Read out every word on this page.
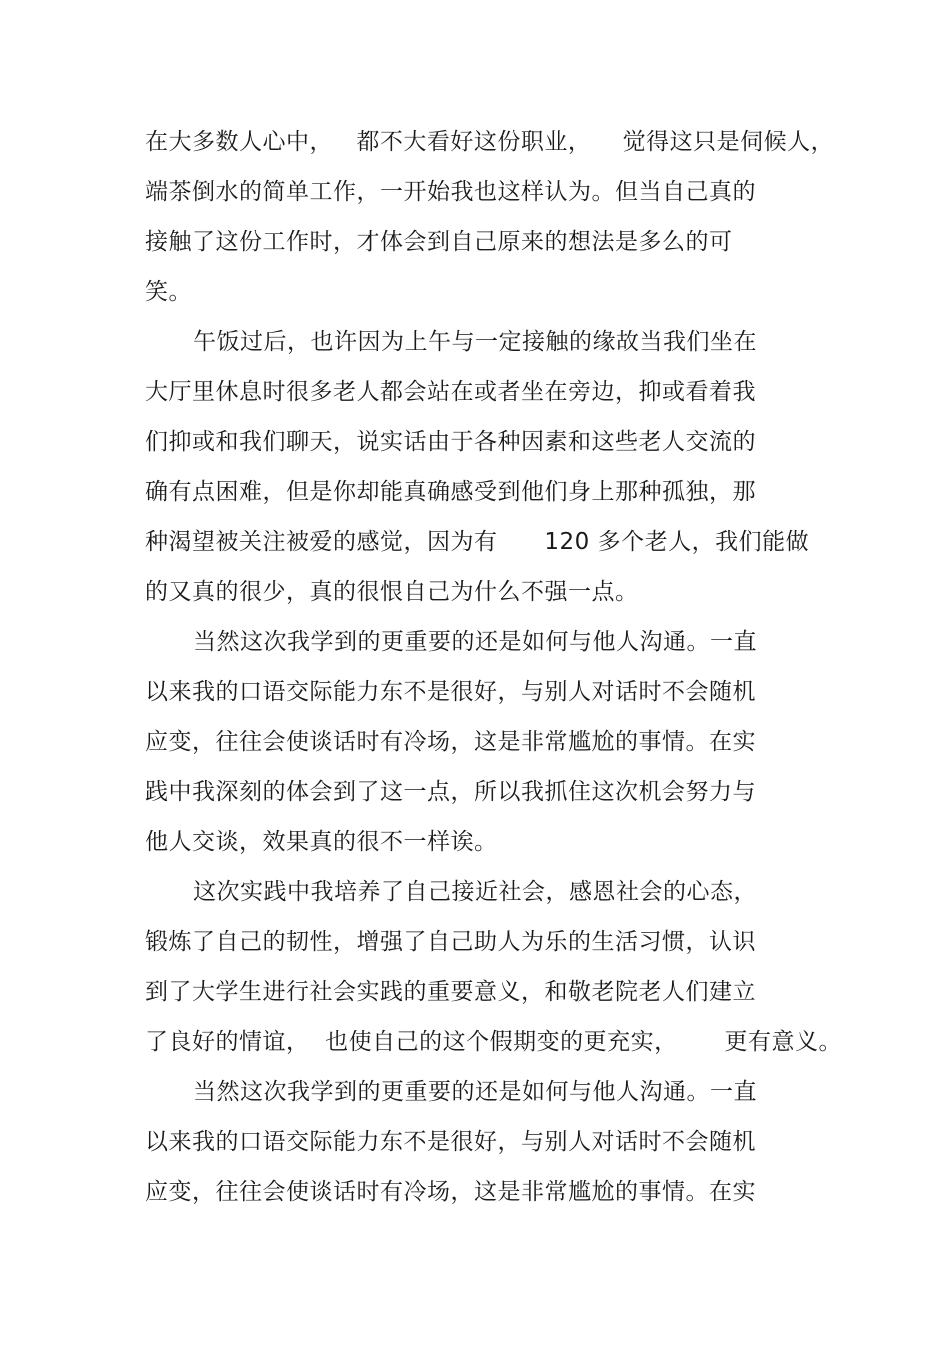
在大多数人心中，   都不大看好这份职业，    觉得这只是伺候人，
端茶倒水的简单工作，一开始我也这样认为。但当自己真的
接触了这份工作时，才体会到自己原来的想法是多么的可
笑。
午饭过后，也许因为上午与一定接触的缘故当我们坐在
大厅里休息时很多老人都会站在或者坐在旁边，抑或看着我
们抑或和我们聊天，说实话由于各种因素和这些老人交流的
确有点困难，但是你却能真确感受到他们身上那种孤独，那
种渴望被关注被爱的感觉，因为有      120 多个老人，我们能做
的又真的很少，真的很恨自己为什么不强一点。
当然这次我学到的更重要的还是如何与他人沟通。一直
以来我的口语交际能力东不是很好，与别人对话时不会随机
应变，往往会使谈话时有冷场，这是非常尴尬的事情。在实
践中我深刻的体会到了这一点，所以我抓住这次机会努力与
他人交谈，效果真的很不一样诶。
这次实践中我培养了自己接近社会，感恩社会的心态，
锻炼了自己的韧性，增强了自己助人为乐的生活习惯，认识
到了大学生进行社会实践的重要意义，和敬老院老人们建立
了良好的情谊，  也使自己的这个假期变的更充实，      更有意义。
当然这次我学到的更重要的还是如何与他人沟通。一直
以来我的口语交际能力东不是很好，与别人对话时不会随机
应变，往往会使谈话时有冷场，这是非常尴尬的事情。在实
